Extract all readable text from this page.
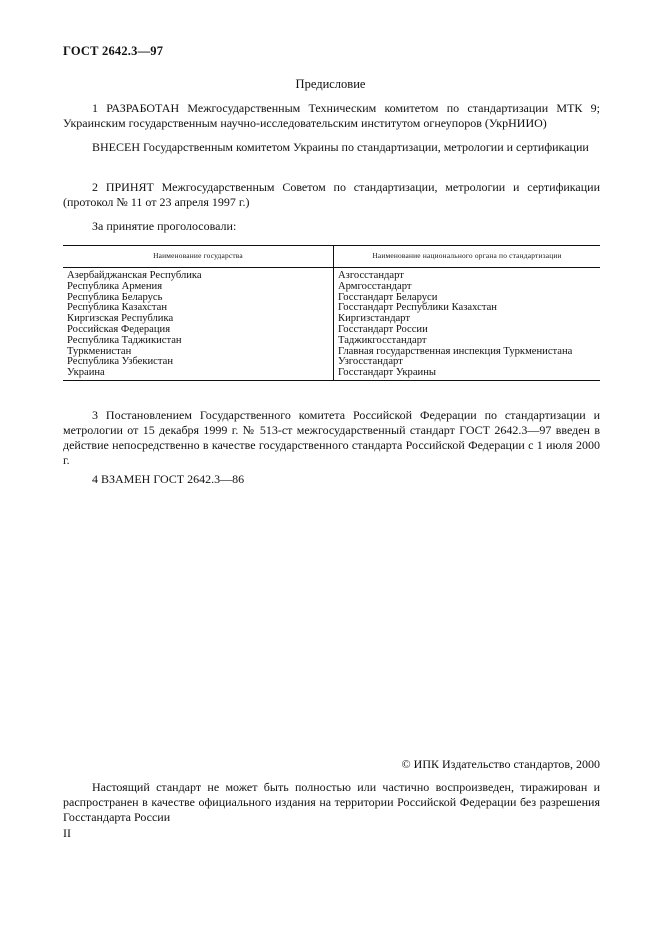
ГОСТ 2642.3—97
Предисловие
1 РАЗРАБОТАН Межгосударственным Техническим комитетом по стандартизации МТК 9; Украинским государственным научно-исследовательским институтом огнеупоров (УкрНИИО)
ВНЕСЕН Государственным комитетом Украины по стандартизации, метрологии и сертификации
2 ПРИНЯТ Межгосударственным Советом по стандартизации, метрологии и сертификации (протокол № 11 от 23 апреля 1997 г.)
За принятие проголосовали:
Наименование государства	Наименование национального органа по стандартизации
Азербайджанская Республика	Азгосстандарт
Республика Армения	Армгосстандарт
Республика Беларусь	Госстандарт Беларуси
Республика Казахстан	Госстандарт Республики Казахстан
Киргизская Республика	Киргизстандарт
Российская Федерация	Госстандарт России
Республика Таджикистан	Таджикгосстандарт
Туркменистан	Главная государственная инспекция Туркменистана
Республика Узбекистан	Узгосстандарт
Украина	Госстандарт Украины
3 Постановлением Государственного комитета Российской Федерации по стандартизации и метрологии от 15 декабря 1999 г. № 513-ст межгосударственный стандарт ГОСТ 2642.3—97 введен в действие непосредственно в качестве государственного стандарта Российской Федерации с 1 июля 2000 г.
4 ВЗАМЕН ГОСТ 2642.3—86
© ИПК Издательство стандартов, 2000
Настоящий стандарт не может быть полностью или частично воспроизведен, тиражирован и распространен в качестве официального издания на территории Российской Федерации без разрешения Госстандарта России
II
